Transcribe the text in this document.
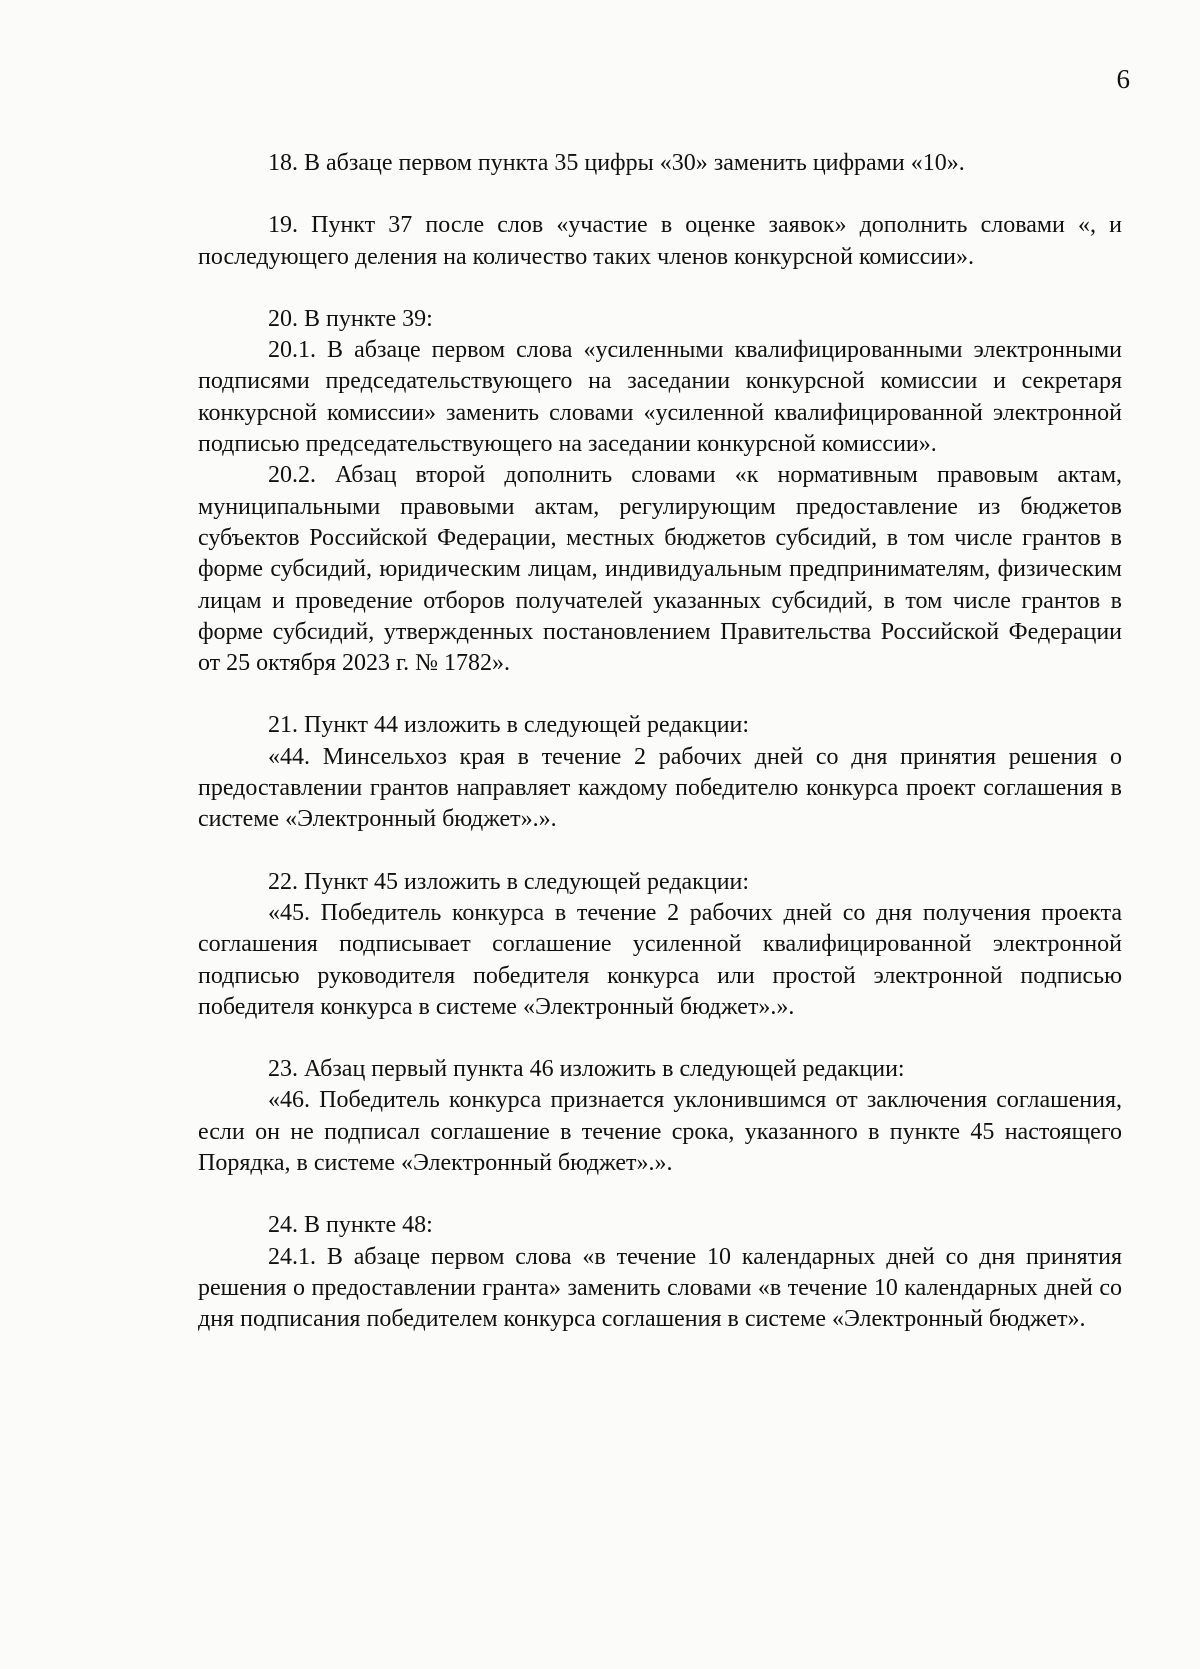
6

18. В абзаце первом пункта 35 цифры «30» заменить цифрами «10».

19. Пункт 37 после слов «участие в оценке заявок» дополнить словами «, и последующего деления на количество таких членов конкурсной комиссии».

20. В пункте 39:

20.1. В абзаце первом слова «усиленными квалифицированными электронными подписями председательствующего на заседании конкурсной комиссии и секретаря конкурсной комиссии» заменить словами «усиленной квалифицированной электронной подписью председательствующего на заседании конкурсной комиссии».

20.2. Абзац второй дополнить словами «к нормативным правовым актам, муниципальными правовыми актам, регулирующим предоставление из бюджетов субъектов Российской Федерации, местных бюджетов субсидий, в том числе грантов в форме субсидий, юридическим лицам, индивидуальным предпринимателям, физическим лицам и проведение отборов получателей указанных субсидий, в том числе грантов в форме субсидий, утвержденных постановлением Правительства Российской Федерации от 25 октября 2023 г. № 1782».

21. Пункт 44 изложить в следующей редакции:

«44. Минсельхоз края в течение 2 рабочих дней со дня принятия решения о предоставлении грантов направляет каждому победителю конкурса проект соглашения в системе «Электронный бюджет».».

22. Пункт 45 изложить в следующей редакции:

«45. Победитель конкурса в течение 2 рабочих дней со дня получения проекта соглашения подписывает соглашение усиленной квалифицированной электронной подписью руководителя победителя конкурса или простой электронной подписью победителя конкурса в системе «Электронный бюджет».».

23. Абзац первый пункта 46 изложить в следующей редакции:

«46. Победитель конкурса признается уклонившимся от заключения соглашения, если он не подписал соглашение в течение срока, указанного в пункте 45 настоящего Порядка, в системе «Электронный бюджет».».

24. В пункте 48:

24.1. В абзаце первом слова «в течение 10 календарных дней со дня принятия решения о предоставлении гранта» заменить словами «в течение 10 календарных дней со дня подписания победителем конкурса соглашения в системе «Электронный бюджет».
